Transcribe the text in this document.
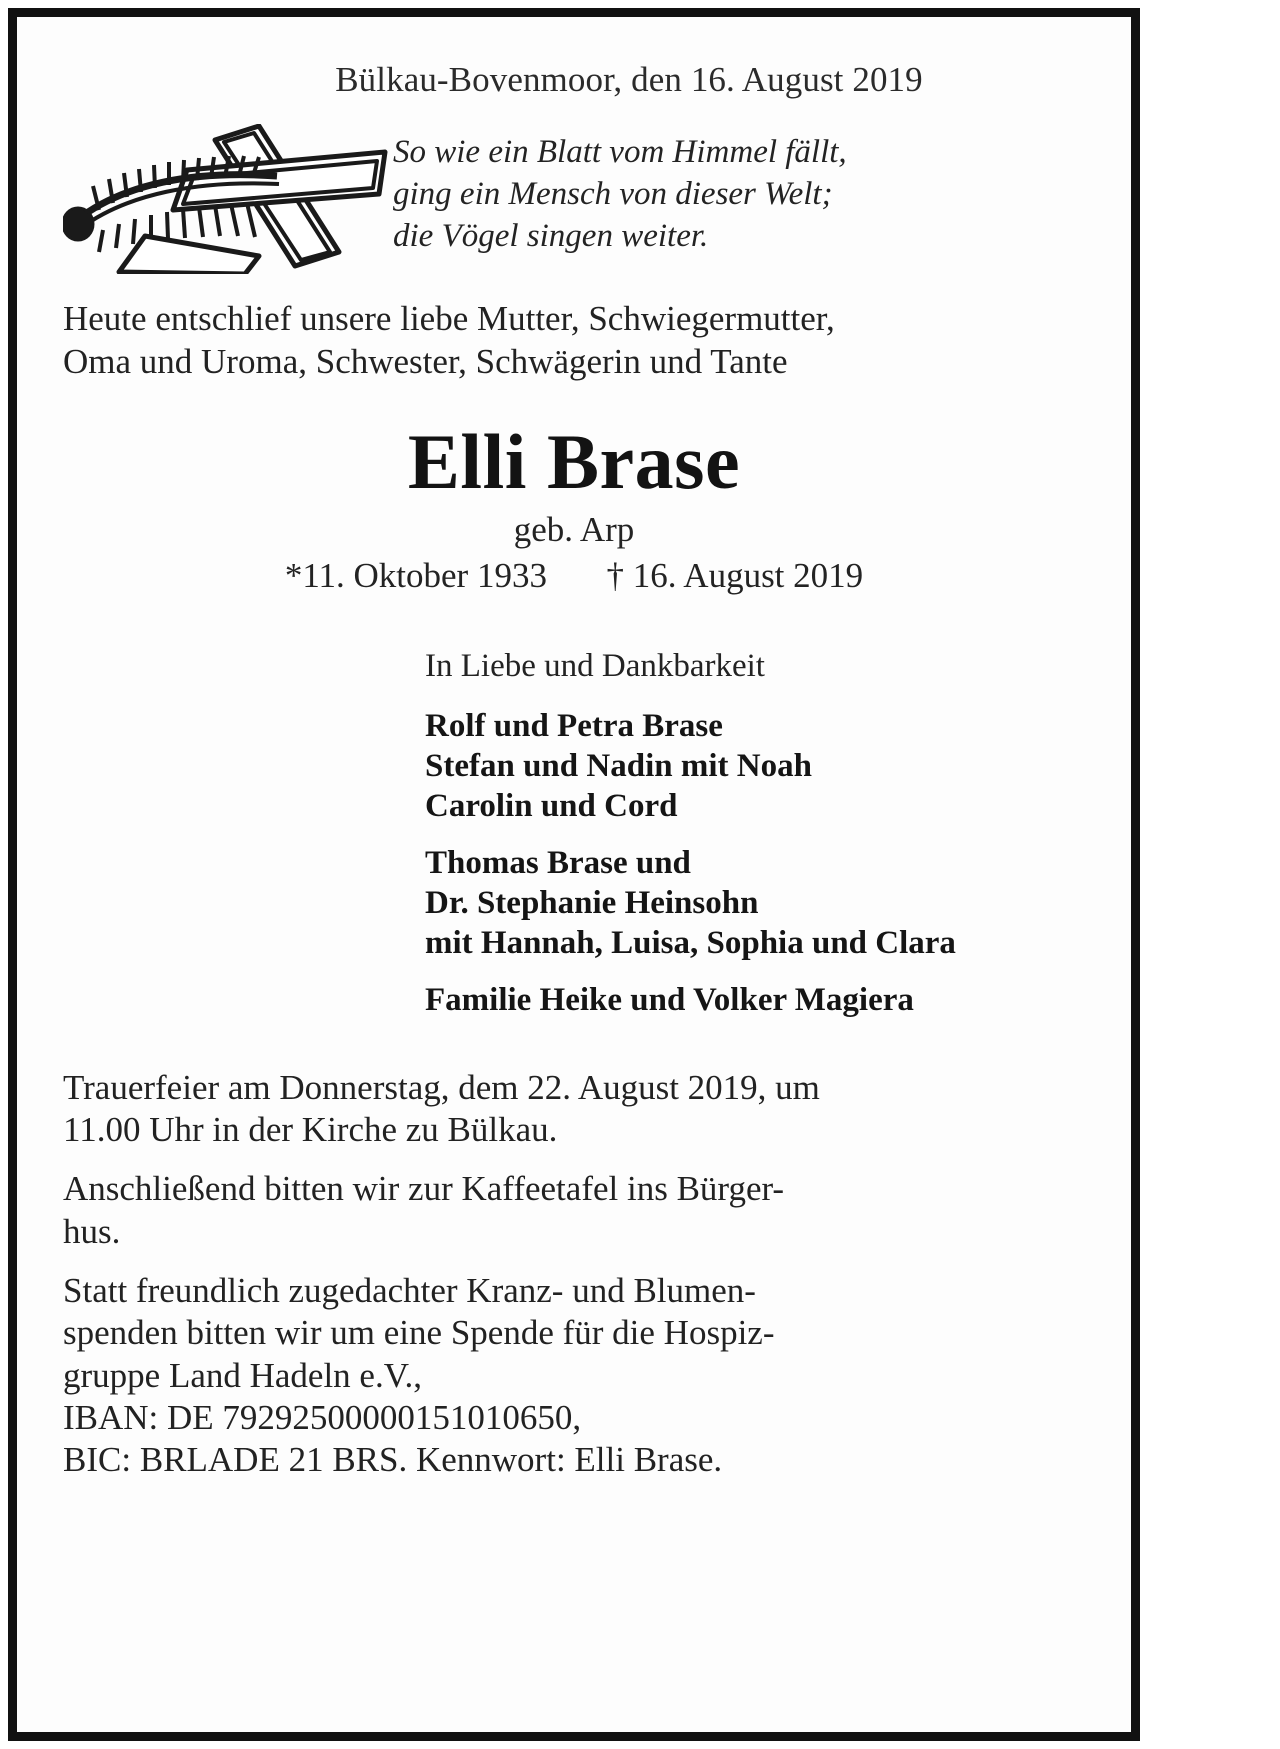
Bülkau-Bovenmoor, den 16. August 2019
So wie ein Blatt vom Himmel fällt,
ging ein Mensch von dieser Welt;
die Vögel singen weiter.
Heute entschlief unsere liebe Mutter, Schwiegermutter,
Oma und Uroma, Schwester, Schwägerin und Tante
Elli Brase
geb. Arp
*11. Oktober 1933 † 16. August 2019
In Liebe und Dankbarkeit
Rolf und Petra Brase
Stefan und Nadin mit Noah
Carolin und Cord
Thomas Brase und
Dr. Stephanie Heinsohn
mit Hannah, Luisa, Sophia und Clara
Familie Heike und Volker Magiera

Trauerfeier am Donnerstag, dem 22. August 2019, um
11.00 Uhr in der Kirche zu Bülkau.

Anschließend bitten wir zur Kaffeetafel ins Bürger-
hus.

Statt freundlich zugedachter Kranz- und Blumen-
spenden bitten wir um eine Spende für die Hospiz-
gruppe Land Hadeln e.V.,
IBAN: DE 79292500000151010650,
BIC: BRLADE 21 BRS. Kennwort: Elli Brase.
